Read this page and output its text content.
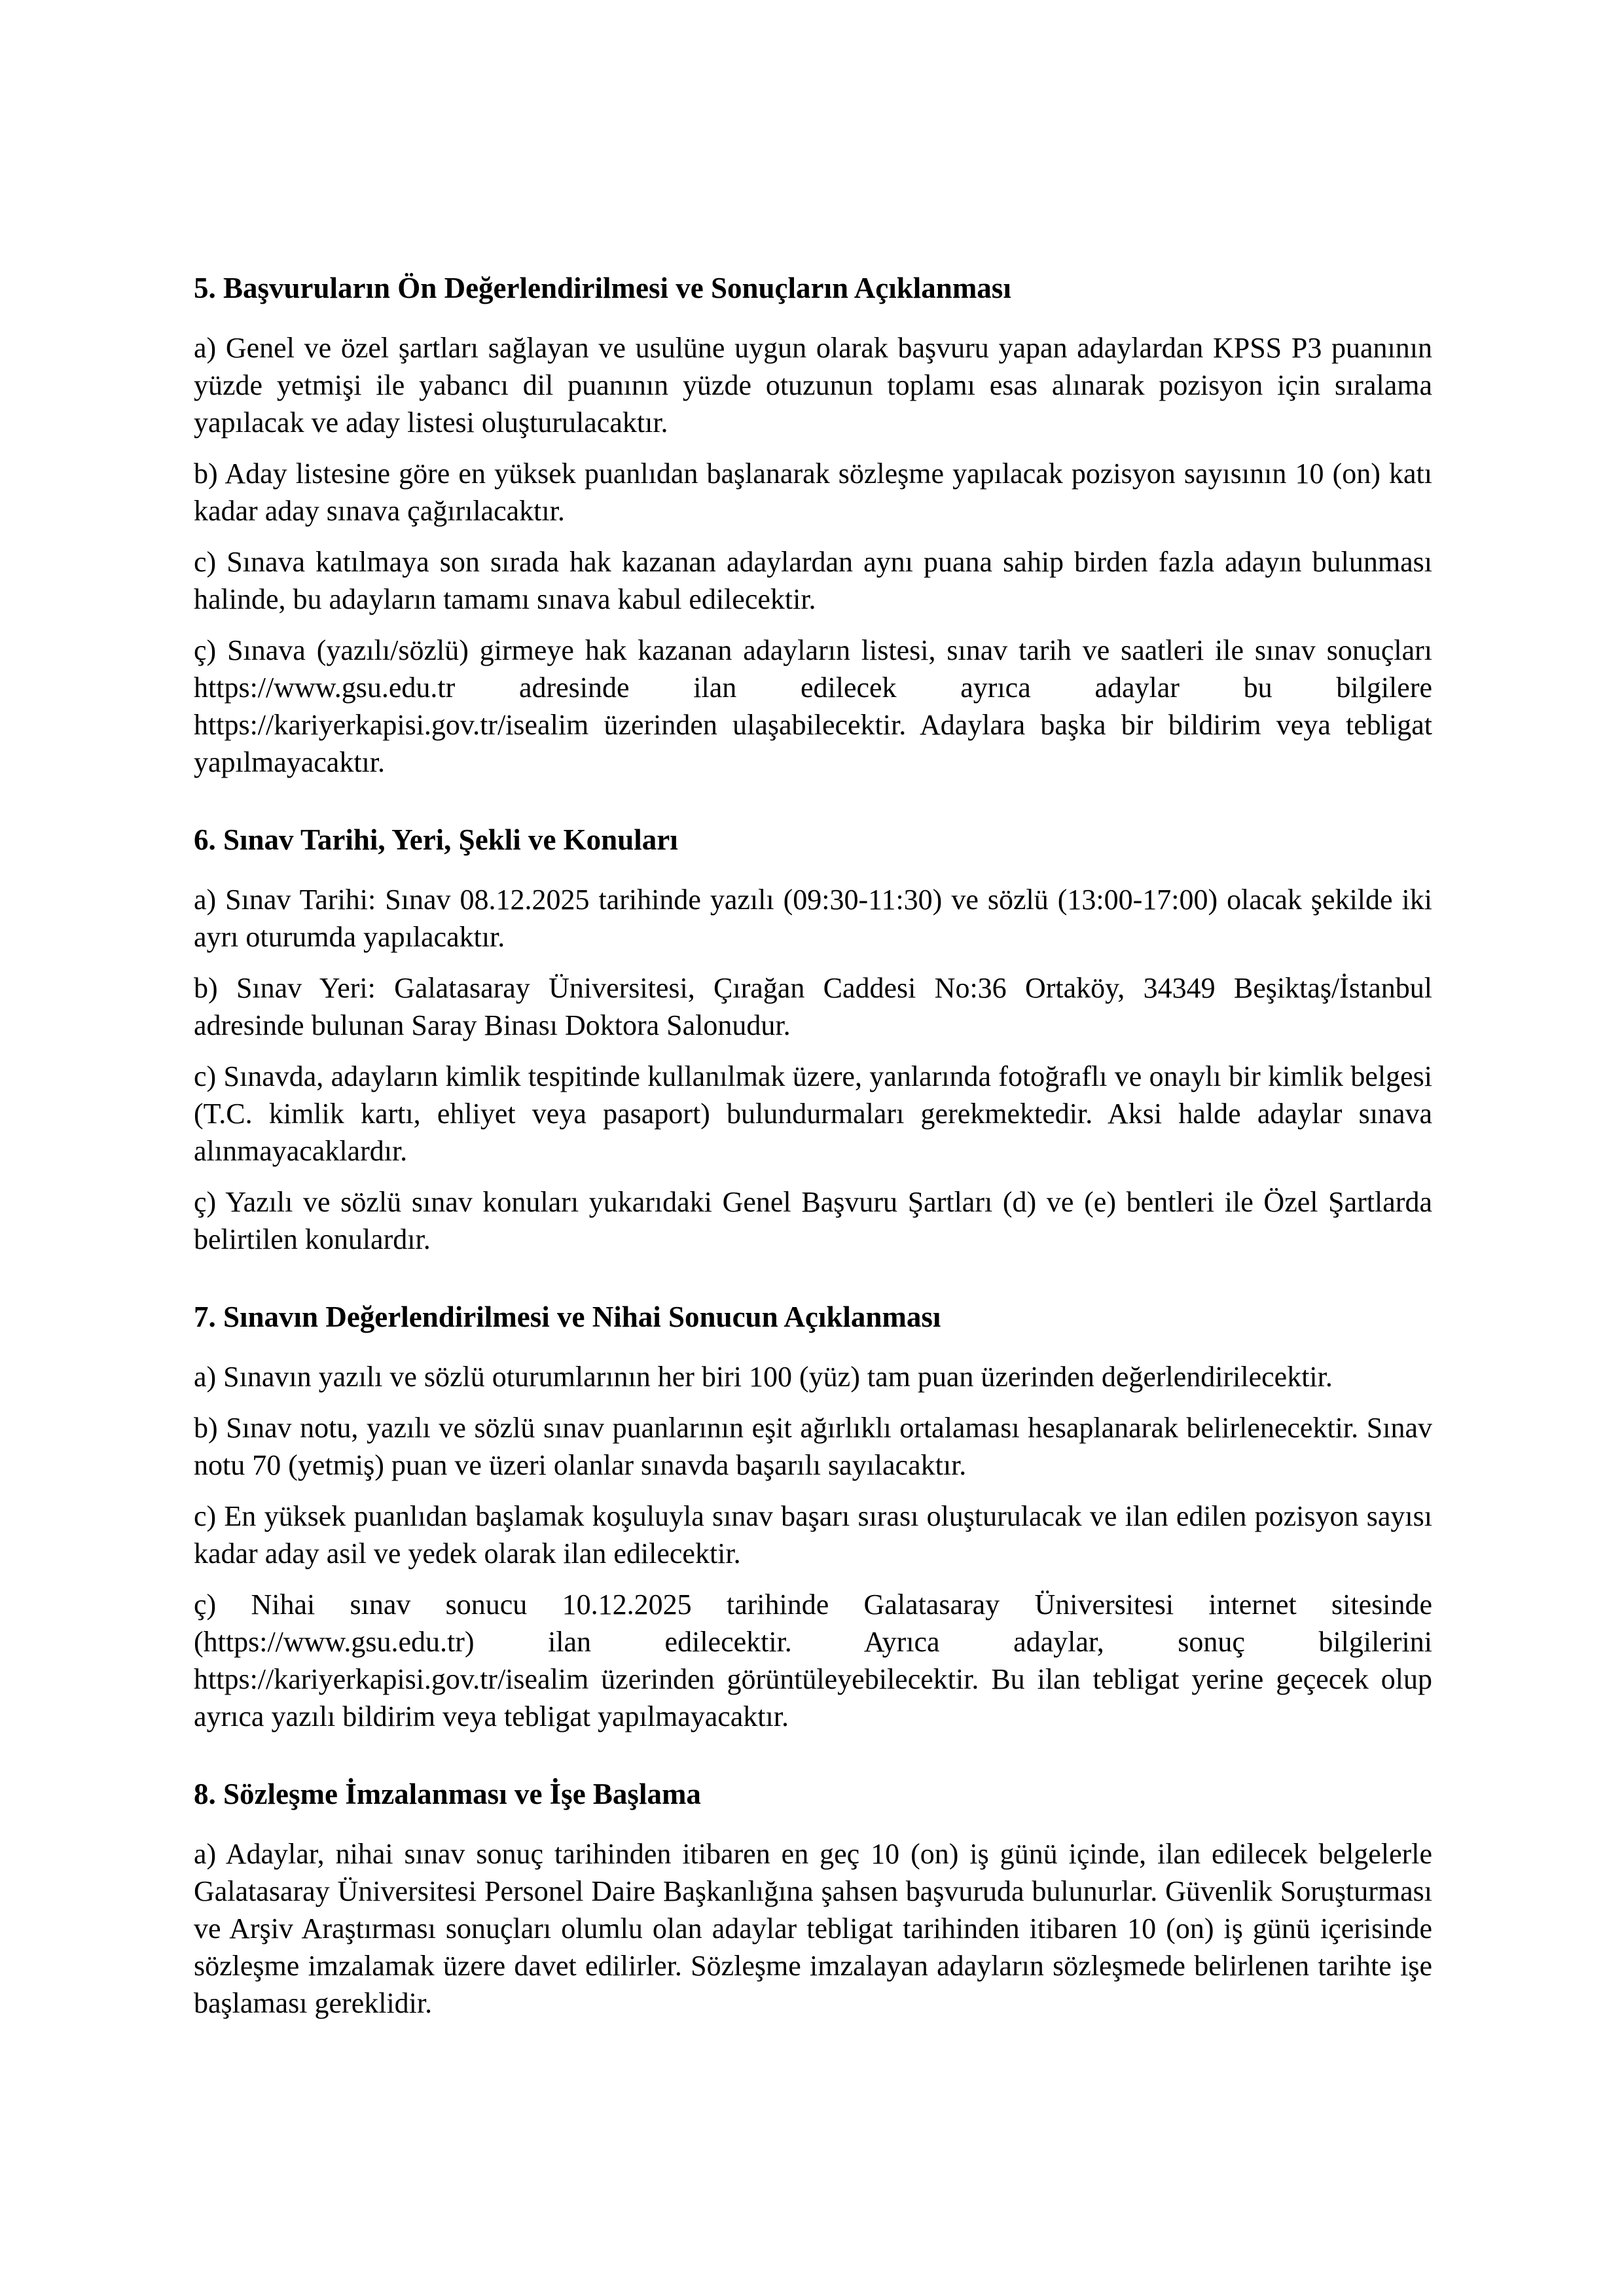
5. Başvuruların Ön Değerlendirilmesi ve Sonuçların Açıklanması

a) Genel ve özel şartları sağlayan ve usulüne uygun olarak başvuru yapan adaylardan KPSS P3 puanının yüzde yetmişi ile yabancı dil puanının yüzde otuzunun toplamı esas alınarak pozisyon için sıralama yapılacak ve aday listesi oluşturulacaktır.

b) Aday listesine göre en yüksek puanlıdan başlanarak sözleşme yapılacak pozisyon sayısının 10 (on) katı kadar aday sınava çağırılacaktır.

c) Sınava katılmaya son sırada hak kazanan adaylardan aynı puana sahip birden fazla adayın bulunması halinde, bu adayların tamamı sınava kabul edilecektir.

ç) Sınava (yazılı/sözlü) girmeye hak kazanan adayların listesi, sınav tarih ve saatleri ile sınav sonuçları https://www.gsu.edu.tr adresinde ilan edilecek ayrıca adaylar bu bilgilere https://kariyerkapisi.gov.tr/isealim üzerinden ulaşabilecektir. Adaylara başka bir bildirim veya tebligat yapılmayacaktır.

6. Sınav Tarihi, Yeri, Şekli ve Konuları

a) Sınav Tarihi: Sınav 08.12.2025 tarihinde yazılı (09:30-11:30) ve sözlü (13:00-17:00) olacak şekilde iki ayrı oturumda yapılacaktır.

b) Sınav Yeri: Galatasaray Üniversitesi, Çırağan Caddesi No:36 Ortaköy, 34349 Beşiktaş/İstanbul adresinde bulunan Saray Binası Doktora Salonudur.

c) Sınavda, adayların kimlik tespitinde kullanılmak üzere, yanlarında fotoğraflı ve onaylı bir kimlik belgesi (T.C. kimlik kartı, ehliyet veya pasaport) bulundurmaları gerekmektedir. Aksi halde adaylar sınava alınmayacaklardır.

ç) Yazılı ve sözlü sınav konuları yukarıdaki Genel Başvuru Şartları (d) ve (e) bentleri ile Özel Şartlarda belirtilen konulardır.

7. Sınavın Değerlendirilmesi ve Nihai Sonucun Açıklanması

a) Sınavın yazılı ve sözlü oturumlarının her biri 100 (yüz) tam puan üzerinden değerlendirilecektir.

b) Sınav notu, yazılı ve sözlü sınav puanlarının eşit ağırlıklı ortalaması hesaplanarak belirlenecektir. Sınav notu 70 (yetmiş) puan ve üzeri olanlar sınavda başarılı sayılacaktır.

c) En yüksek puanlıdan başlamak koşuluyla sınav başarı sırası oluşturulacak ve ilan edilen pozisyon sayısı kadar aday asil ve yedek olarak ilan edilecektir.

ç) Nihai sınav sonucu 10.12.2025 tarihinde Galatasaray Üniversitesi internet sitesinde (https://www.gsu.edu.tr) ilan edilecektir. Ayrıca adaylar, sonuç bilgilerini https://kariyerkapisi.gov.tr/isealim üzerinden görüntüleyebilecektir. Bu ilan tebligat yerine geçecek olup ayrıca yazılı bildirim veya tebligat yapılmayacaktır.

8. Sözleşme İmzalanması ve İşe Başlama

a) Adaylar, nihai sınav sonuç tarihinden itibaren en geç 10 (on) iş günü içinde, ilan edilecek belgelerle Galatasaray Üniversitesi Personel Daire Başkanlığına şahsen başvuruda bulunurlar. Güvenlik Soruşturması ve Arşiv Araştırması sonuçları olumlu olan adaylar tebligat tarihinden itibaren 10 (on) iş günü içerisinde sözleşme imzalamak üzere davet edilirler. Sözleşme imzalayan adayların sözleşmede belirlenen tarihte işe başlaması gereklidir.
